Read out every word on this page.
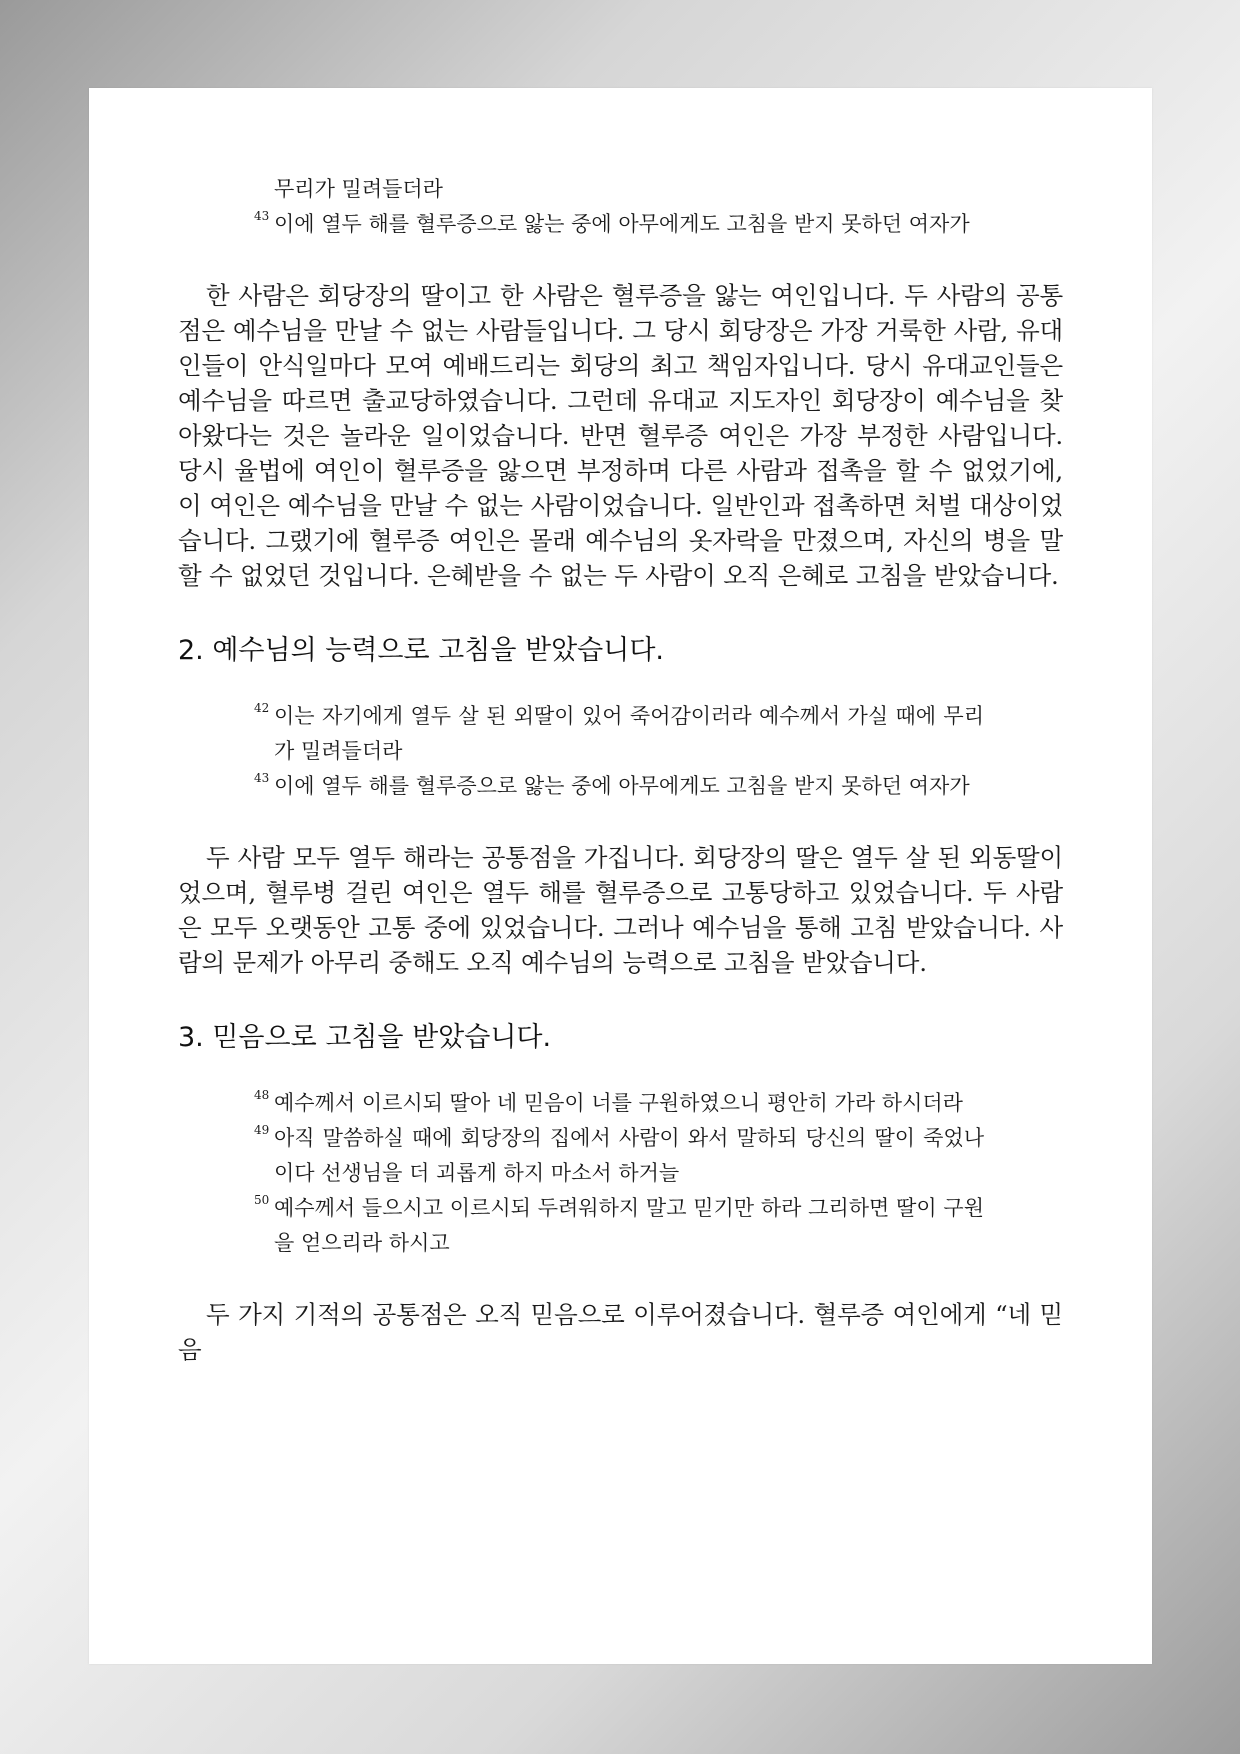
무리가 밀려들더라
43 이에 열두 해를 혈루증으로 앓는 중에 아무에게도 고침을 받지 못하던 여자가

한 사람은 회당장의 딸이고 한 사람은 혈루증을 앓는 여인입니다. 두 사람의 공통점은 예수님을 만날 수 없는 사람들입니다. 그 당시 회당장은 가장 거룩한 사람, 유대인들이 안식일마다 모여 예배드리는 회당의 최고 책임자입니다. 당시 유대교인들은 예수님을 따르면 출교당하였습니다. 그런데 유대교 지도자인 회당장이 예수님을 찾아왔다는 것은 놀라운 일이었습니다. 반면 혈루증 여인은 가장 부정한 사람입니다. 당시 율법에 여인이 혈루증을 앓으면 부정하며 다른 사람과 접촉을 할 수 없었기에, 이 여인은 예수님을 만날 수 없는 사람이었습니다. 일반인과 접촉하면 처벌 대상이었습니다. 그랬기에 혈루증 여인은 몰래 예수님의 옷자락을 만졌으며, 자신의 병을 말할 수 없었던 것입니다. 은혜받을 수 없는 두 사람이 오직 은혜로 고침을 받았습니다.

2. 예수님의 능력으로 고침을 받았습니다.
42 이는 자기에게 열두 살 된 외딸이 있어 죽어감이러라 예수께서 가실 때에 무리가 밀려들더라
43 이에 열두 해를 혈루증으로 앓는 중에 아무에게도 고침을 받지 못하던 여자가

두 사람 모두 열두 해라는 공통점을 가집니다. 회당장의 딸은 열두 살 된 외동딸이었으며, 혈루병 걸린 여인은 열두 해를 혈루증으로 고통당하고 있었습니다. 두 사람은 모두 오랫동안 고통 중에 있었습니다. 그러나 예수님을 통해 고침 받았습니다. 사람의 문제가 아무리 중해도 오직 예수님의 능력으로 고침을 받았습니다.

3. 믿음으로 고침을 받았습니다.
48 예수께서 이르시되 딸아 네 믿음이 너를 구원하였으니 평안히 가라 하시더라
49 아직 말씀하실 때에 회당장의 집에서 사람이 와서 말하되 당신의 딸이 죽었나이다 선생님을 더 괴롭게 하지 마소서 하거늘
50 예수께서 들으시고 이르시되 두려워하지 말고 믿기만 하라 그리하면 딸이 구원을 얻으리라 하시고

두 가지 기적의 공통점은 오직 믿음으로 이루어졌습니다. 혈루증 여인에게 “네 믿음
